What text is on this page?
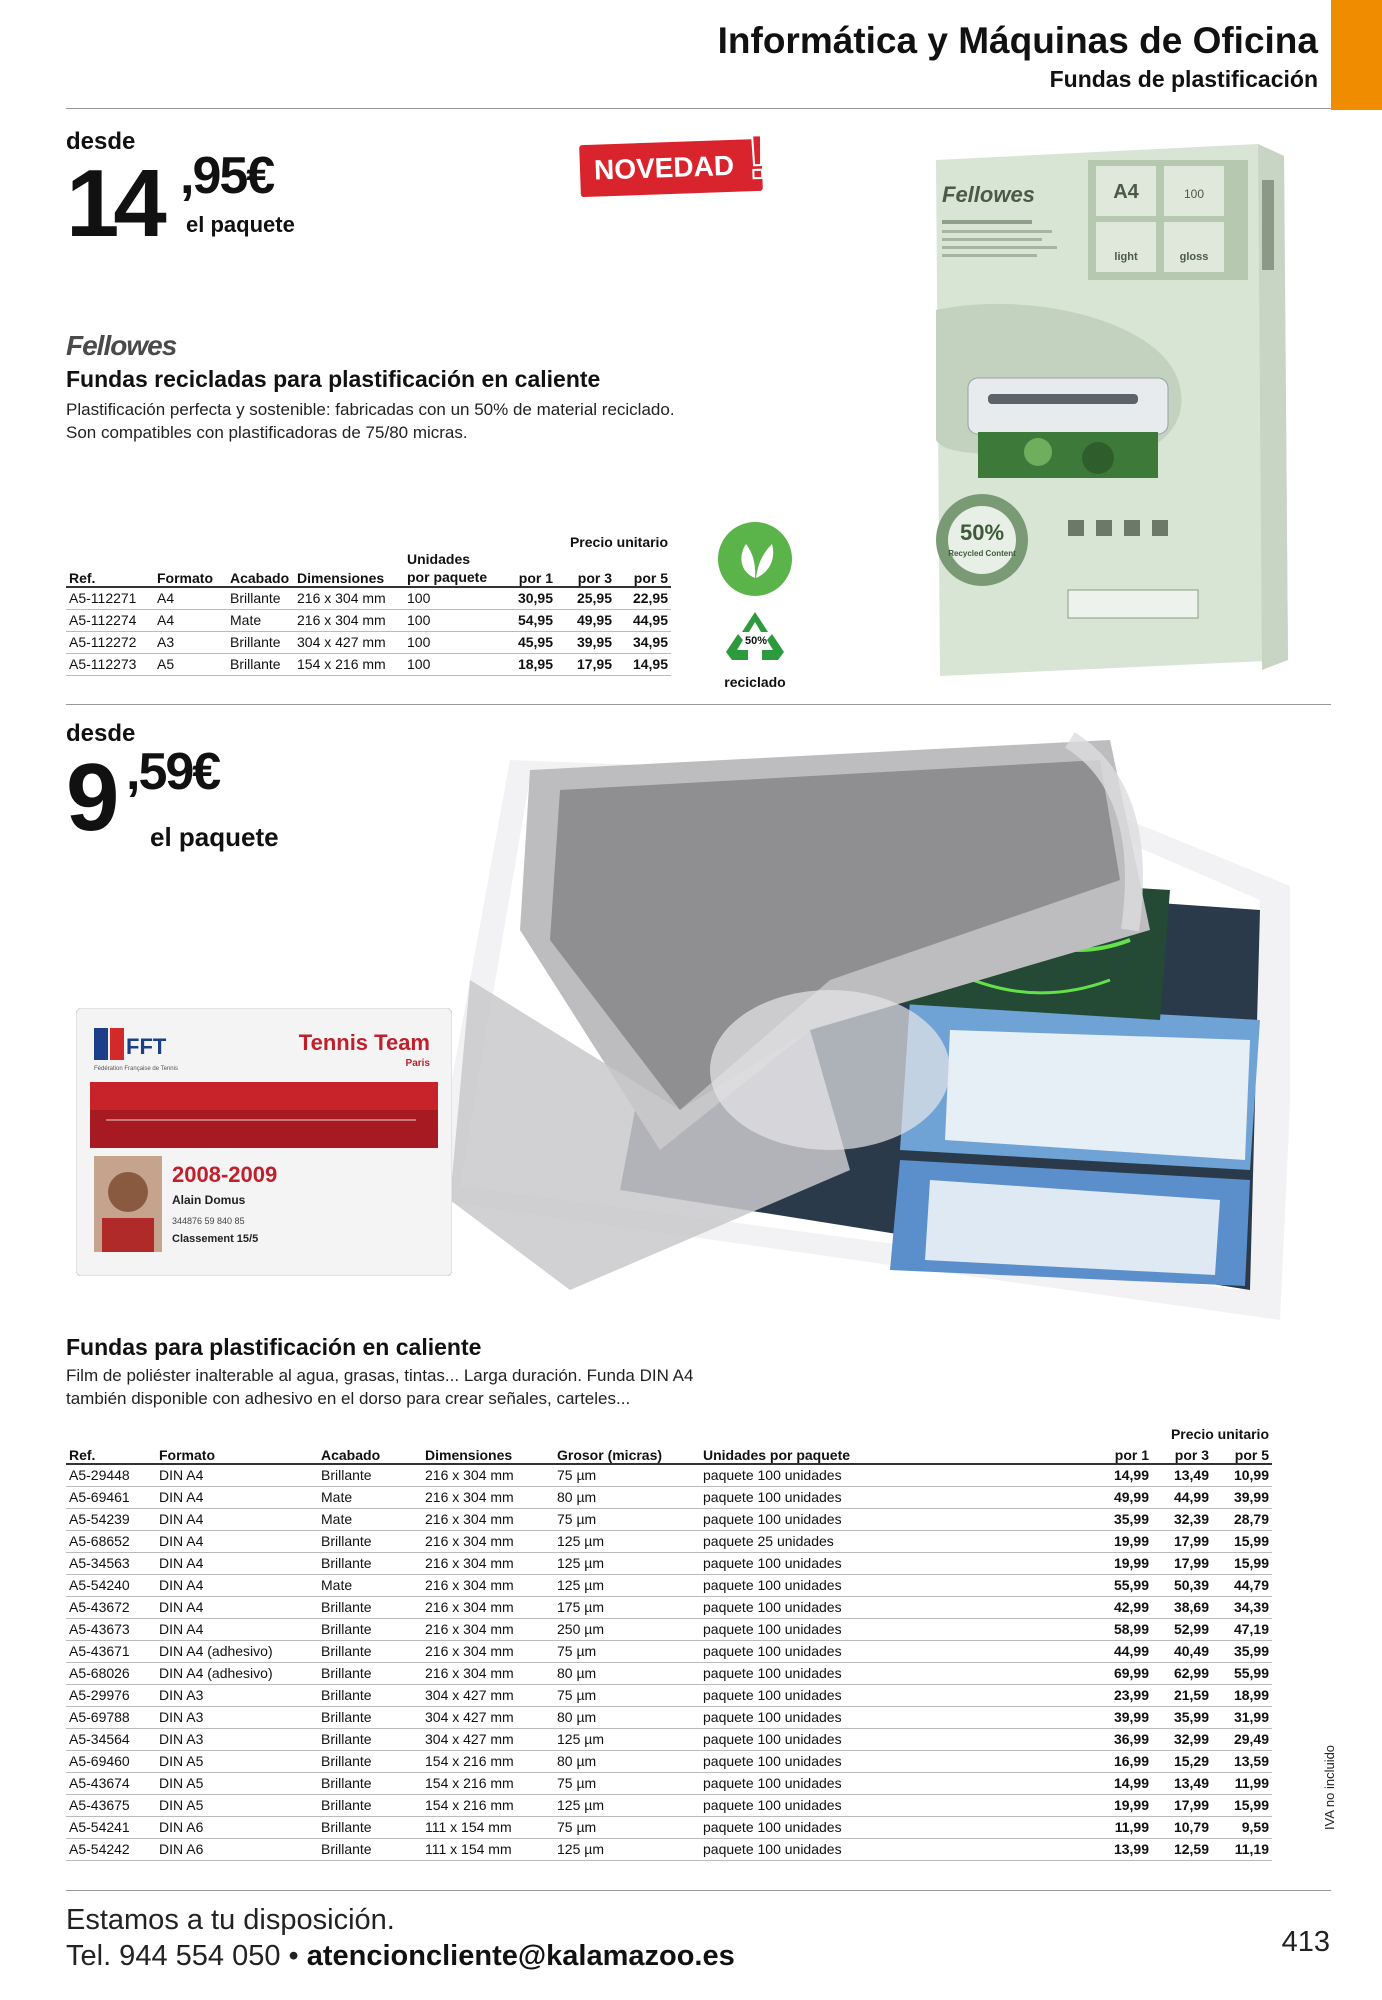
Informática y Máquinas de Oficina
Fundas de plastificación
desde
14 ,95€
el paquete
NOVEDAD !
Fellowes
Fundas recicladas para plastificación en caliente
Plastificación perfecta y sostenible: fabricadas con un 50% de material reciclado.
Son compatibles con plastificadoras de 75/80 micras.
					Precio unitario		
Ref.	Formato	Acabado	Dimensiones	Unidades por paquete	por 1	por 3	por 5
A5-112271	A4	Brillante	216 x 304 mm	100	30,95	25,95	22,95
A5-112274	A4	Mate	216 x 304 mm	100	54,95	49,95	44,95
A5-112272	A3	Brillante	304 x 427 mm	100	45,95	39,95	34,95
A5-112273	A5	Brillante	154 x 216 mm	100	18,95	17,95	14,95
50%
reciclado
A4	100
light	gloss
Fellowes
50%
Recycled Content
desde
9 ,59€
el paquete
FFT
Fédération Française de Tennis
Tennis Team
Paris
2008-2009
Alain Domus
344876 59 840 85
Classement 15/5
Fundas para plastificación en caliente
Film de poliéster inalterable al agua, grasas, tintas... Larga duración. Funda DIN A4
también disponible con adhesivo en el dorso para crear señales, carteles...
						Precio unitario		
Ref.	Formato	Acabado	Dimensiones	Grosor (micras)	Unidades por paquete	por 1	por 3	por 5
A5-29448	DIN A4	Brillante	216 x 304 mm	75 µm	paquete 100 unidades	14,99	13,49	10,99
A5-69461	DIN A4	Mate	216 x 304 mm	80 µm	paquete 100 unidades	49,99	44,99	39,99
A5-54239	DIN A4	Mate	216 x 304 mm	75 µm	paquete 100 unidades	35,99	32,39	28,79
A5-68652	DIN A4	Brillante	216 x 304 mm	125 µm	paquete 25 unidades	19,99	17,99	15,99
A5-34563	DIN A4	Brillante	216 x 304 mm	125 µm	paquete 100 unidades	19,99	17,99	15,99
A5-54240	DIN A4	Mate	216 x 304 mm	125 µm	paquete 100 unidades	55,99	50,39	44,79
A5-43672	DIN A4	Brillante	216 x 304 mm	175 µm	paquete 100 unidades	42,99	38,69	34,39
A5-43673	DIN A4	Brillante	216 x 304 mm	250 µm	paquete 100 unidades	58,99	52,99	47,19
A5-43671	DIN A4 (adhesivo)	Brillante	216 x 304 mm	75 µm	paquete 100 unidades	44,99	40,49	35,99
A5-68026	DIN A4 (adhesivo)	Brillante	216 x 304 mm	80 µm	paquete 100 unidades	69,99	62,99	55,99
A5-29976	DIN A3	Brillante	304 x 427 mm	75 µm	paquete 100 unidades	23,99	21,59	18,99
A5-69788	DIN A3	Brillante	304 x 427 mm	80 µm	paquete 100 unidades	39,99	35,99	31,99
A5-34564	DIN A3	Brillante	304 x 427 mm	125 µm	paquete 100 unidades	36,99	32,99	29,49
A5-69460	DIN A5	Brillante	154 x 216 mm	80 µm	paquete 100 unidades	16,99	15,29	13,59
A5-43674	DIN A5	Brillante	154 x 216 mm	75 µm	paquete 100 unidades	14,99	13,49	11,99
A5-43675	DIN A5	Brillante	154 x 216 mm	125 µm	paquete 100 unidades	19,99	17,99	15,99
A5-54241	DIN A6	Brillante	111 x 154 mm	75 µm	paquete 100 unidades	11,99	10,79	9,59
A5-54242	DIN A6	Brillante	111 x 154 mm	125 µm	paquete 100 unidades	13,99	12,59	11,19
IVA no incluido
Estamos a tu disposición.
Tel. 944 554 050 • atencioncliente@kalamazoo.es	413
